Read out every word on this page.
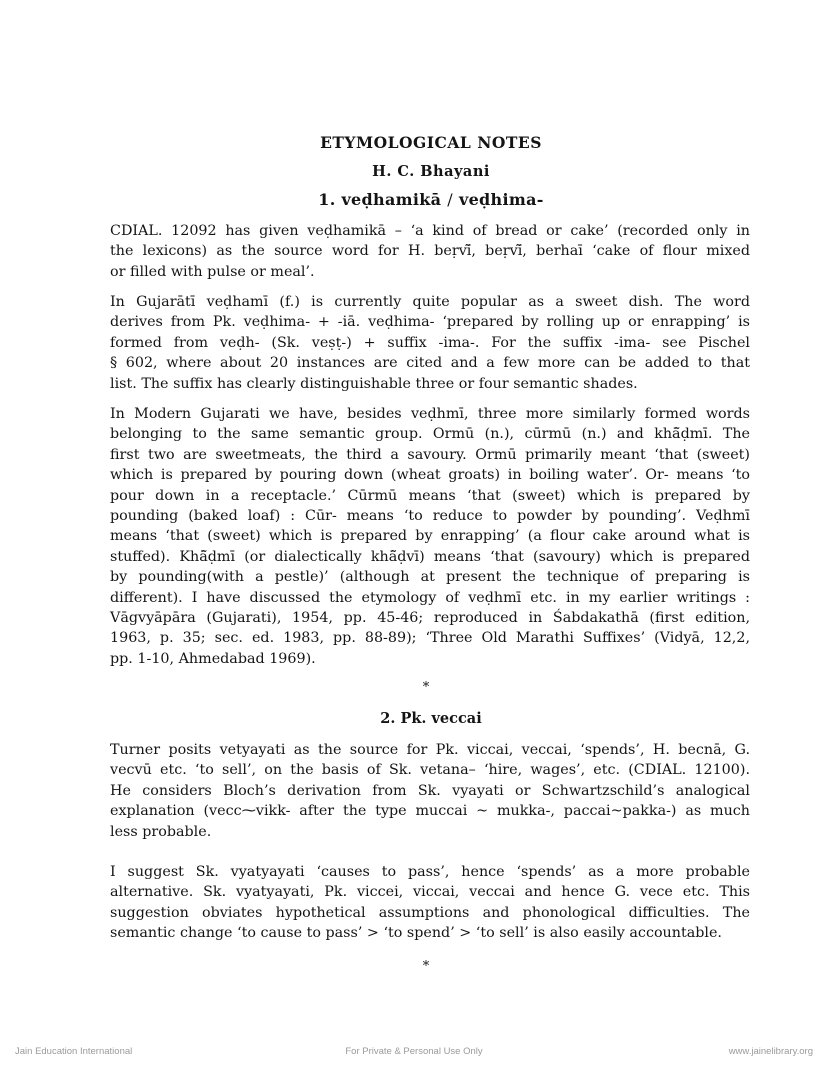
ETYMOLOGICAL NOTES
H. C. Bhayani
1. veḍhamikā / veḍhima-
CDIAL. 12092 has given veḍhamikā – ‘a kind of bread or cake’ (recorded only in
the lexicons) as the source word for H. beṛvī̃, beṛvī̃, berhaī ‘cake of flour mixed
or filled with pulse or meal’.
In Gujarātī veḍhamī (f.) is currently quite popular as a sweet dish. The word
derives from Pk. veḍhima- + -iā. veḍhima- ‘prepared by rolling up or enrapping’ is
formed from veḍh- (Sk. veṣṭ-) + suffix -ima-. For the suffix -ima- see Pischel
§ 602, where about 20 instances are cited and a few more can be added to that
list. The suffix has clearly distinguishable three or four semantic shades.
In Modern Gujarati we have, besides veḍhmī, three more similarly formed words
belonging to the same semantic group. Ormū (n.), cūrmū (n.) and khā̃ḍmī. The
first two are sweetmeats, the third a savoury. Ormū primarily meant ‘that (sweet)
which is prepared by pouring down (wheat groats) in boiling water’. Or- means ‘to
pour down in a receptacle.’ Cūrmū means ‘that (sweet) which is prepared by
pounding (baked loaf) : Cūr- means ‘to reduce to powder by pounding’. Veḍhmī
means ‘that (sweet) which is prepared by enrapping’ (a flour cake around what is
stuffed). Khā̃ḍmī (or dialectically khā̃ḍvī) means ‘that (savoury) which is prepared
by pounding(with a pestle)’ (although at present the technique of preparing is
different). I have discussed the etymology of veḍhmī etc. in my earlier writings :
Vāgvyāpāra (Gujarati), 1954, pp. 45-46; reproduced in Śabdakathā (first edition,
1963, p. 35; sec. ed. 1983, pp. 88-89); ‘Three Old Marathi Suffixes’ (Vidyā, 12,2,
pp. 1-10, Ahmedabad 1969).
*
2. Pk. veccai
Turner posits vetyayati as the source for Pk. viccai, veccai, ‘spends’, H. becnā, G.
vecvū etc. ‘to sell’, on the basis of Sk. vetana– ‘hire, wages’, etc. (CDIAL. 12100).
He considers Bloch’s derivation from Sk. vyayati or Schwartzschild’s analogical
explanation (vecc⁓vikk- after the type muccai ~ mukka-, paccai~pakka-) as much
less probable.
I suggest Sk. vyatyayati ‘causes to pass’, hence ‘spends’ as a more probable
alternative. Sk. vyatyayati, Pk. viccei, viccai, veccai and hence G. vece etc. This
suggestion obviates hypothetical assumptions and phonological difficulties. The
semantic change ‘to cause to pass’ > ‘to spend’ > ‘to sell’ is also easily accountable.
*
Jain Education International	For Private & Personal Use Only	www.jainelibrary.org
